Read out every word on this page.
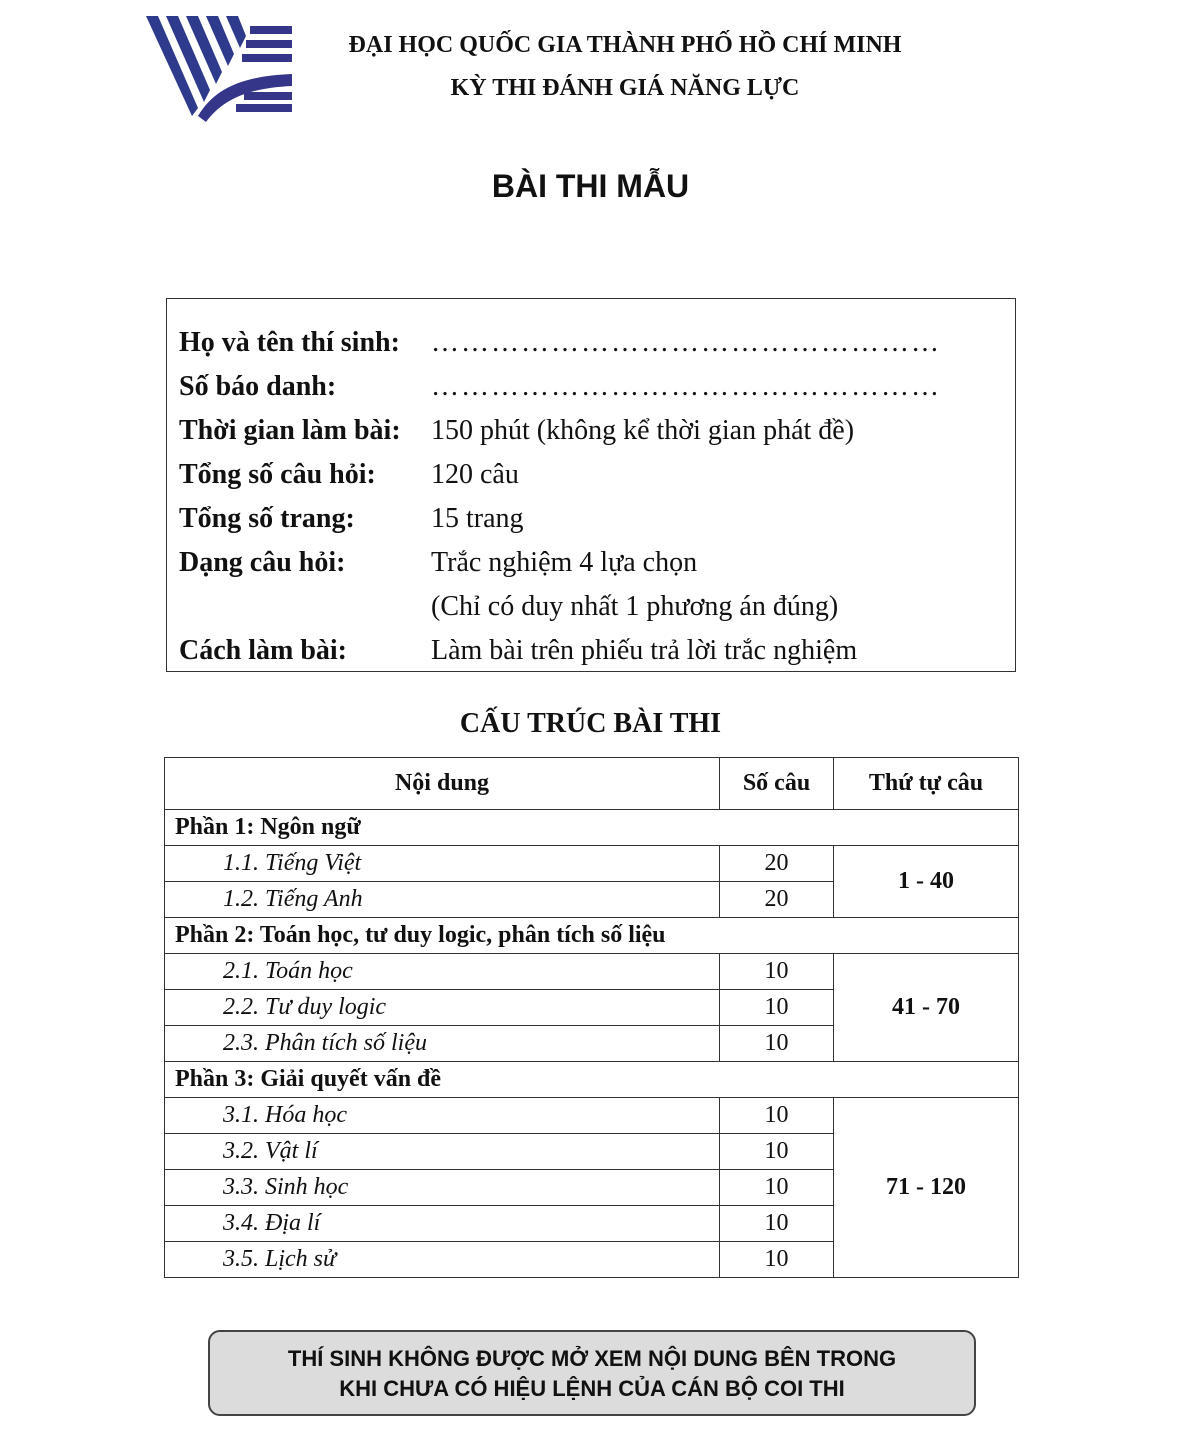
ĐẠI HỌC QUỐC GIA THÀNH PHỐ HỒ CHÍ MINH
KỲ THI ĐÁNH GIÁ NĂNG LỰC
BÀI THI MẪU
Họ và tên thí sinh: ……………………………………………
Số báo danh:	……………………………………………
Thời gian làm bài: 150 phút (không kể thời gian phát đề)
Tổng số câu hỏi: 120 câu
Tổng số trang:	15 trang
Dạng câu hỏi:	Trắc nghiệm 4 lựa chọn
(Chỉ có duy nhất 1 phương án đúng)
Cách làm bài:	Làm bài trên phiếu trả lời trắc nghiệm
CẤU TRÚC BÀI THI
Nội dung	Số câu	Thứ tự câu
Phần 1: Ngôn ngữ		
1.1. Tiếng Việt	20	1 - 40
1.2. Tiếng Anh	20	
Phần 2: Toán học, tư duy logic, phân tích số liệu		
2.1. Toán học	10	41 - 70
2.2. Tư duy logic	10	
2.3. Phân tích số liệu	10	
Phần 3: Giải quyết vấn đề		
3.1. Hóa học	10	71 - 120
3.2. Vật lí	10	
3.3. Sinh học	10	
3.4. Địa lí	10	
3.5. Lịch sử	10	
THÍ SINH KHÔNG ĐƯỢC MỞ XEM NỘI DUNG BÊN TRONG
KHI CHƯA CÓ HIỆU LỆNH CỦA CÁN BỘ COI THI
